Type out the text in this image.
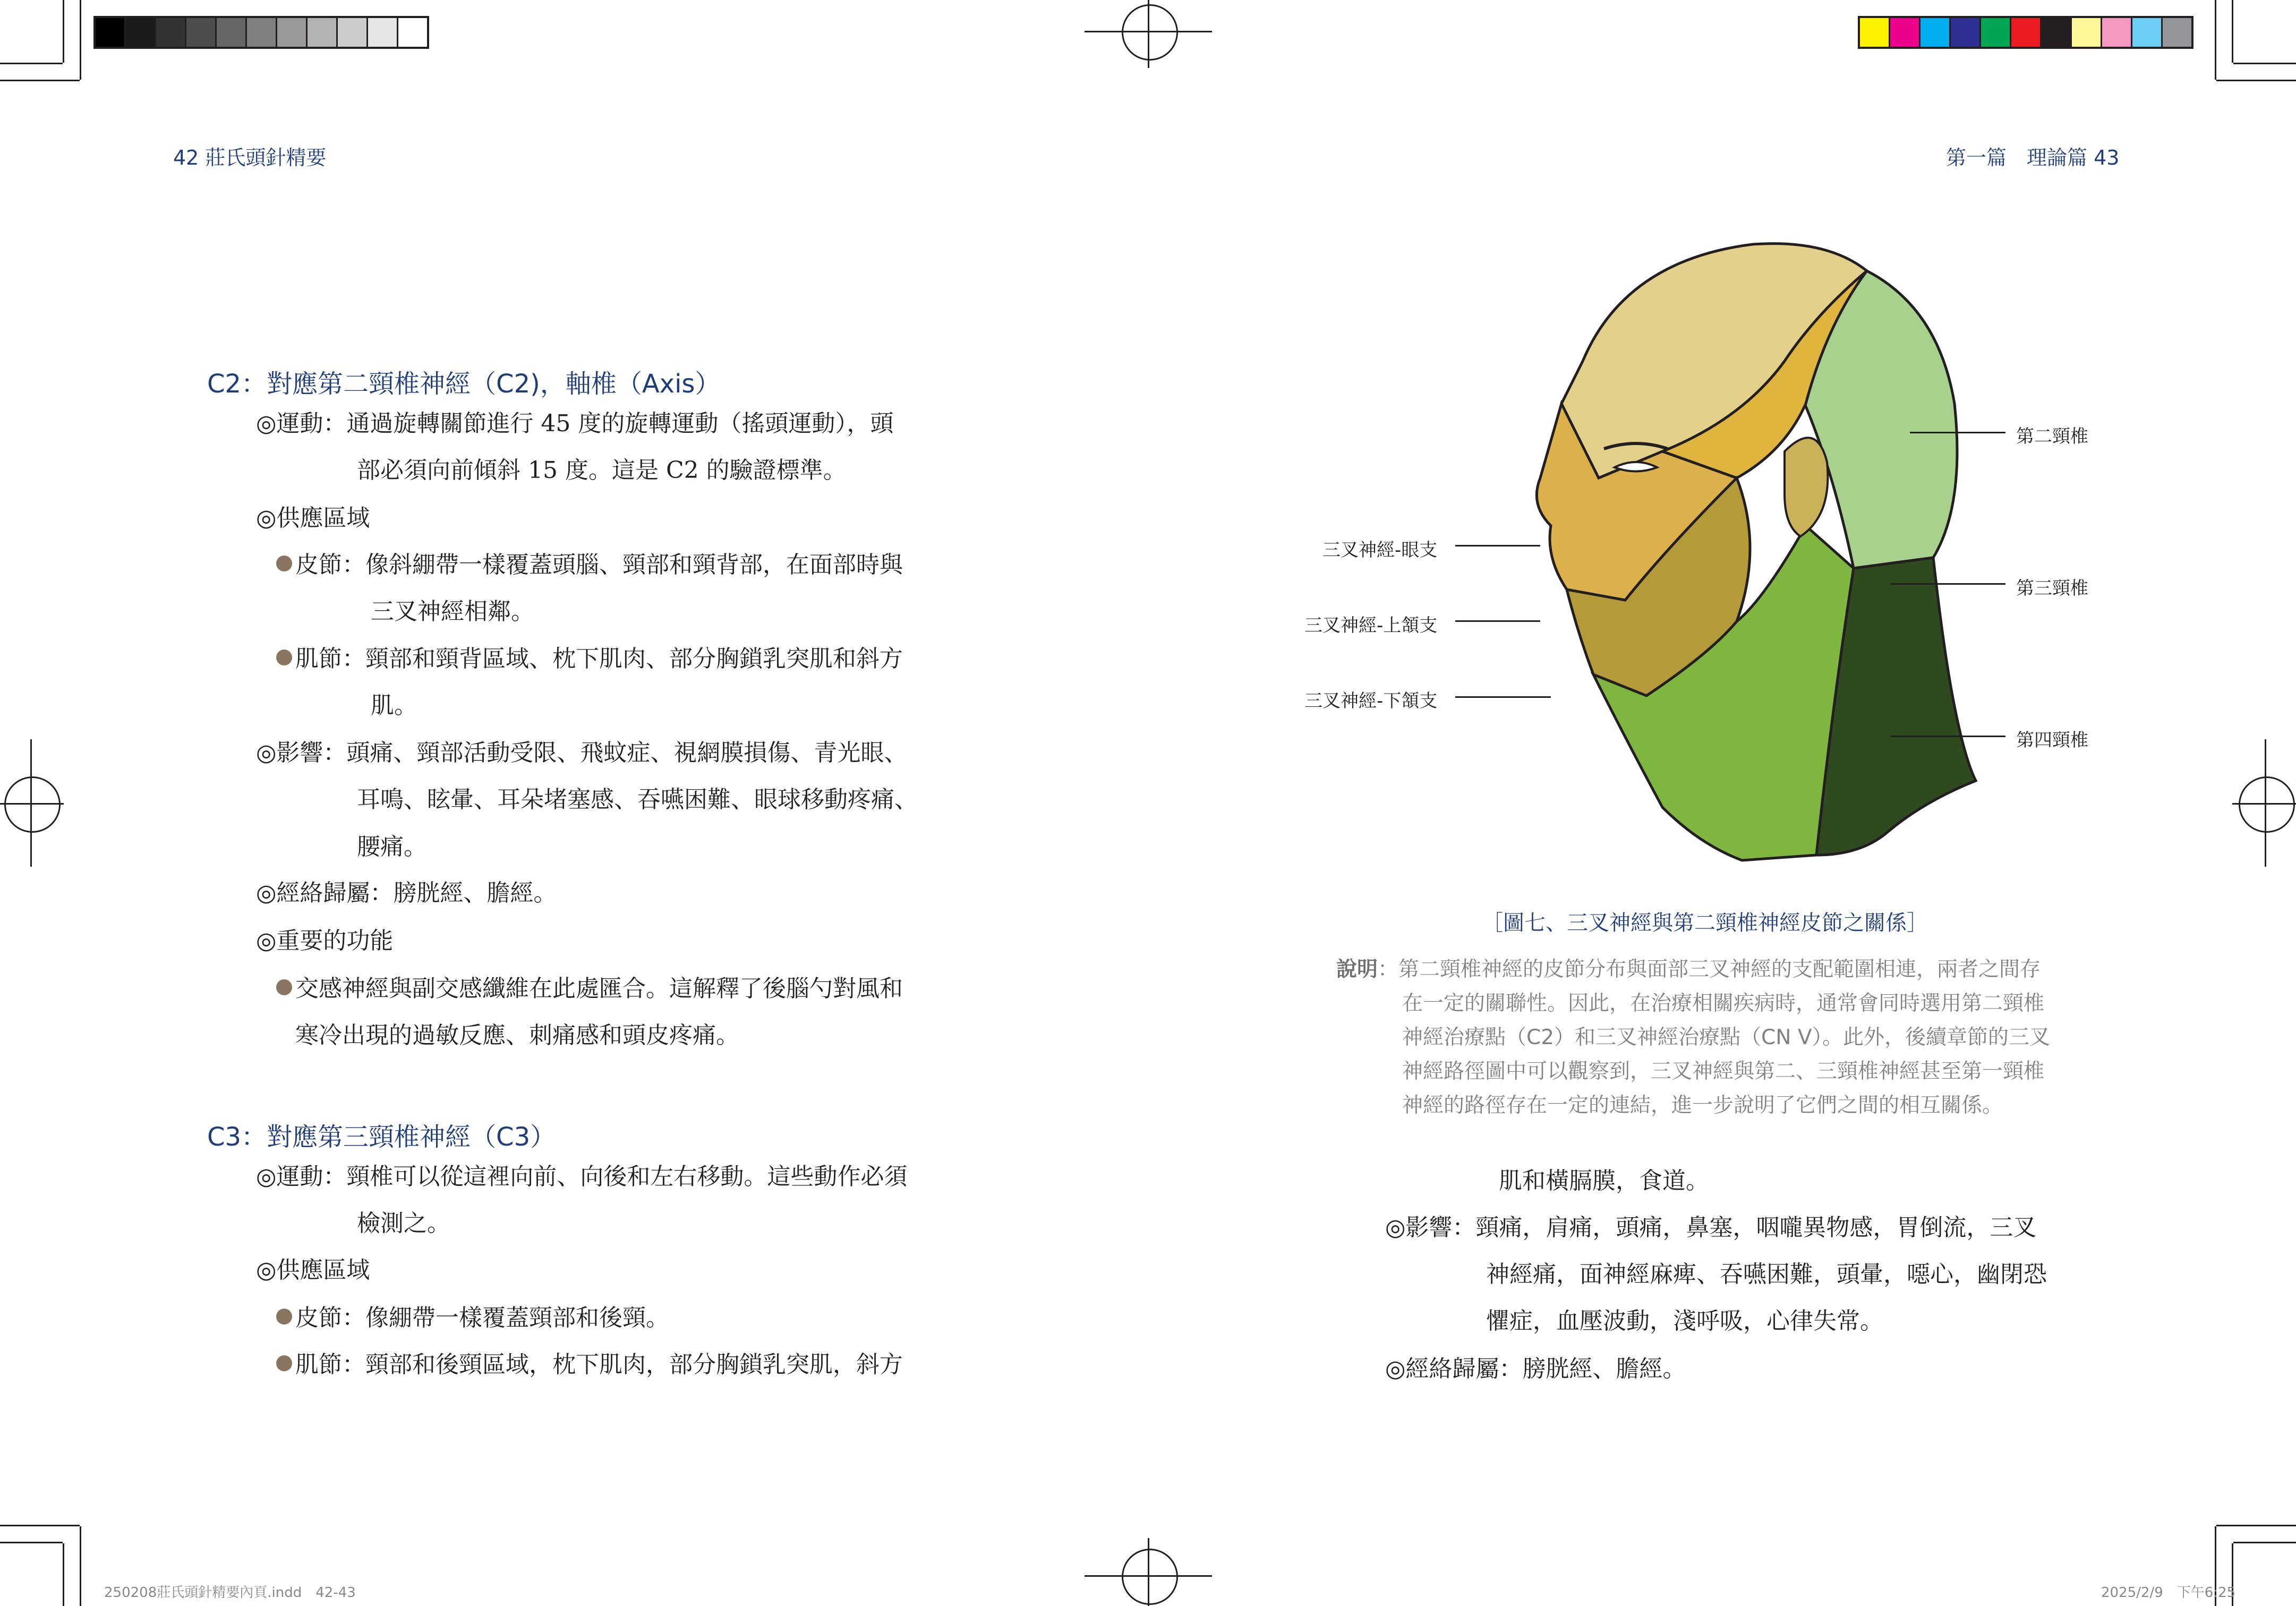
42 莊氏頭針精要	第一篇　理論篇 43
C2：對應第二頸椎神經（C2)，軸椎（Axis）
◎運動：通過旋轉關節進行 45 度的旋轉運動（搖頭運動），頭
部必須向前傾斜 15 度。這是 C2 的驗證標準。
◎供應區域
皮節：像斜綳帶一樣覆蓋頭腦、頸部和頸背部，在面部時與
三叉神經相鄰。
肌節：頸部和頸背區域、枕下肌肉、部分胸鎖乳突肌和斜方
肌。
◎影響：頭痛、頸部活動受限、飛蚊症、視網膜損傷、青光眼、
耳鳴、眩暈、耳朵堵塞感、吞嚥困難、眼球移動疼痛、
腰痛。
◎經絡歸屬：膀胱經、膽經。
◎重要的功能
交感神經與副交感纖維在此處匯合。這解釋了後腦勺對風和
寒冷出現的過敏反應、刺痛感和頭皮疼痛。
C3：對應第三頸椎神經（C3）
◎運動：頸椎可以從這裡向前、向後和左右移動。這些動作必須
檢測之。
◎供應區域
皮節：像綳帶一樣覆蓋頸部和後頸。
肌節：頸部和後頸區域，枕下肌肉，部分胸鎖乳突肌，斜方
第二頸椎
第三頸椎
第四頸椎
三叉神經-眼支
三叉神經-上頷支
三叉神經-下頷支
［圖七、三叉神經與第二頸椎神經皮節之關係］
說明：第二頸椎神經的皮節分布與面部三叉神經的支配範圍相連，兩者之間存
在一定的關聯性。因此，在治療相關疾病時，通常會同時選用第二頸椎
神經治療點（C2）和三叉神經治療點（CN V）。此外，後續章節的三叉
神經路徑圖中可以觀察到，三叉神經與第二、三頸椎神經甚至第一頸椎
神經的路徑存在一定的連結，進一步說明了它們之間的相互關係。
肌和橫膈膜，食道。
◎影響：頸痛，肩痛，頭痛，鼻塞，咽嚨異物感，胃倒流，三叉
神經痛，面神經麻痺、吞嚥困難，頭暈，噁心，幽閉恐
懼症，血壓波動，淺呼吸，心律失常。
◎經絡歸屬：膀胱經、膽經。
250208莊氏頭針精要內頁.indd　42-43	2025/2/9　下午6:25
